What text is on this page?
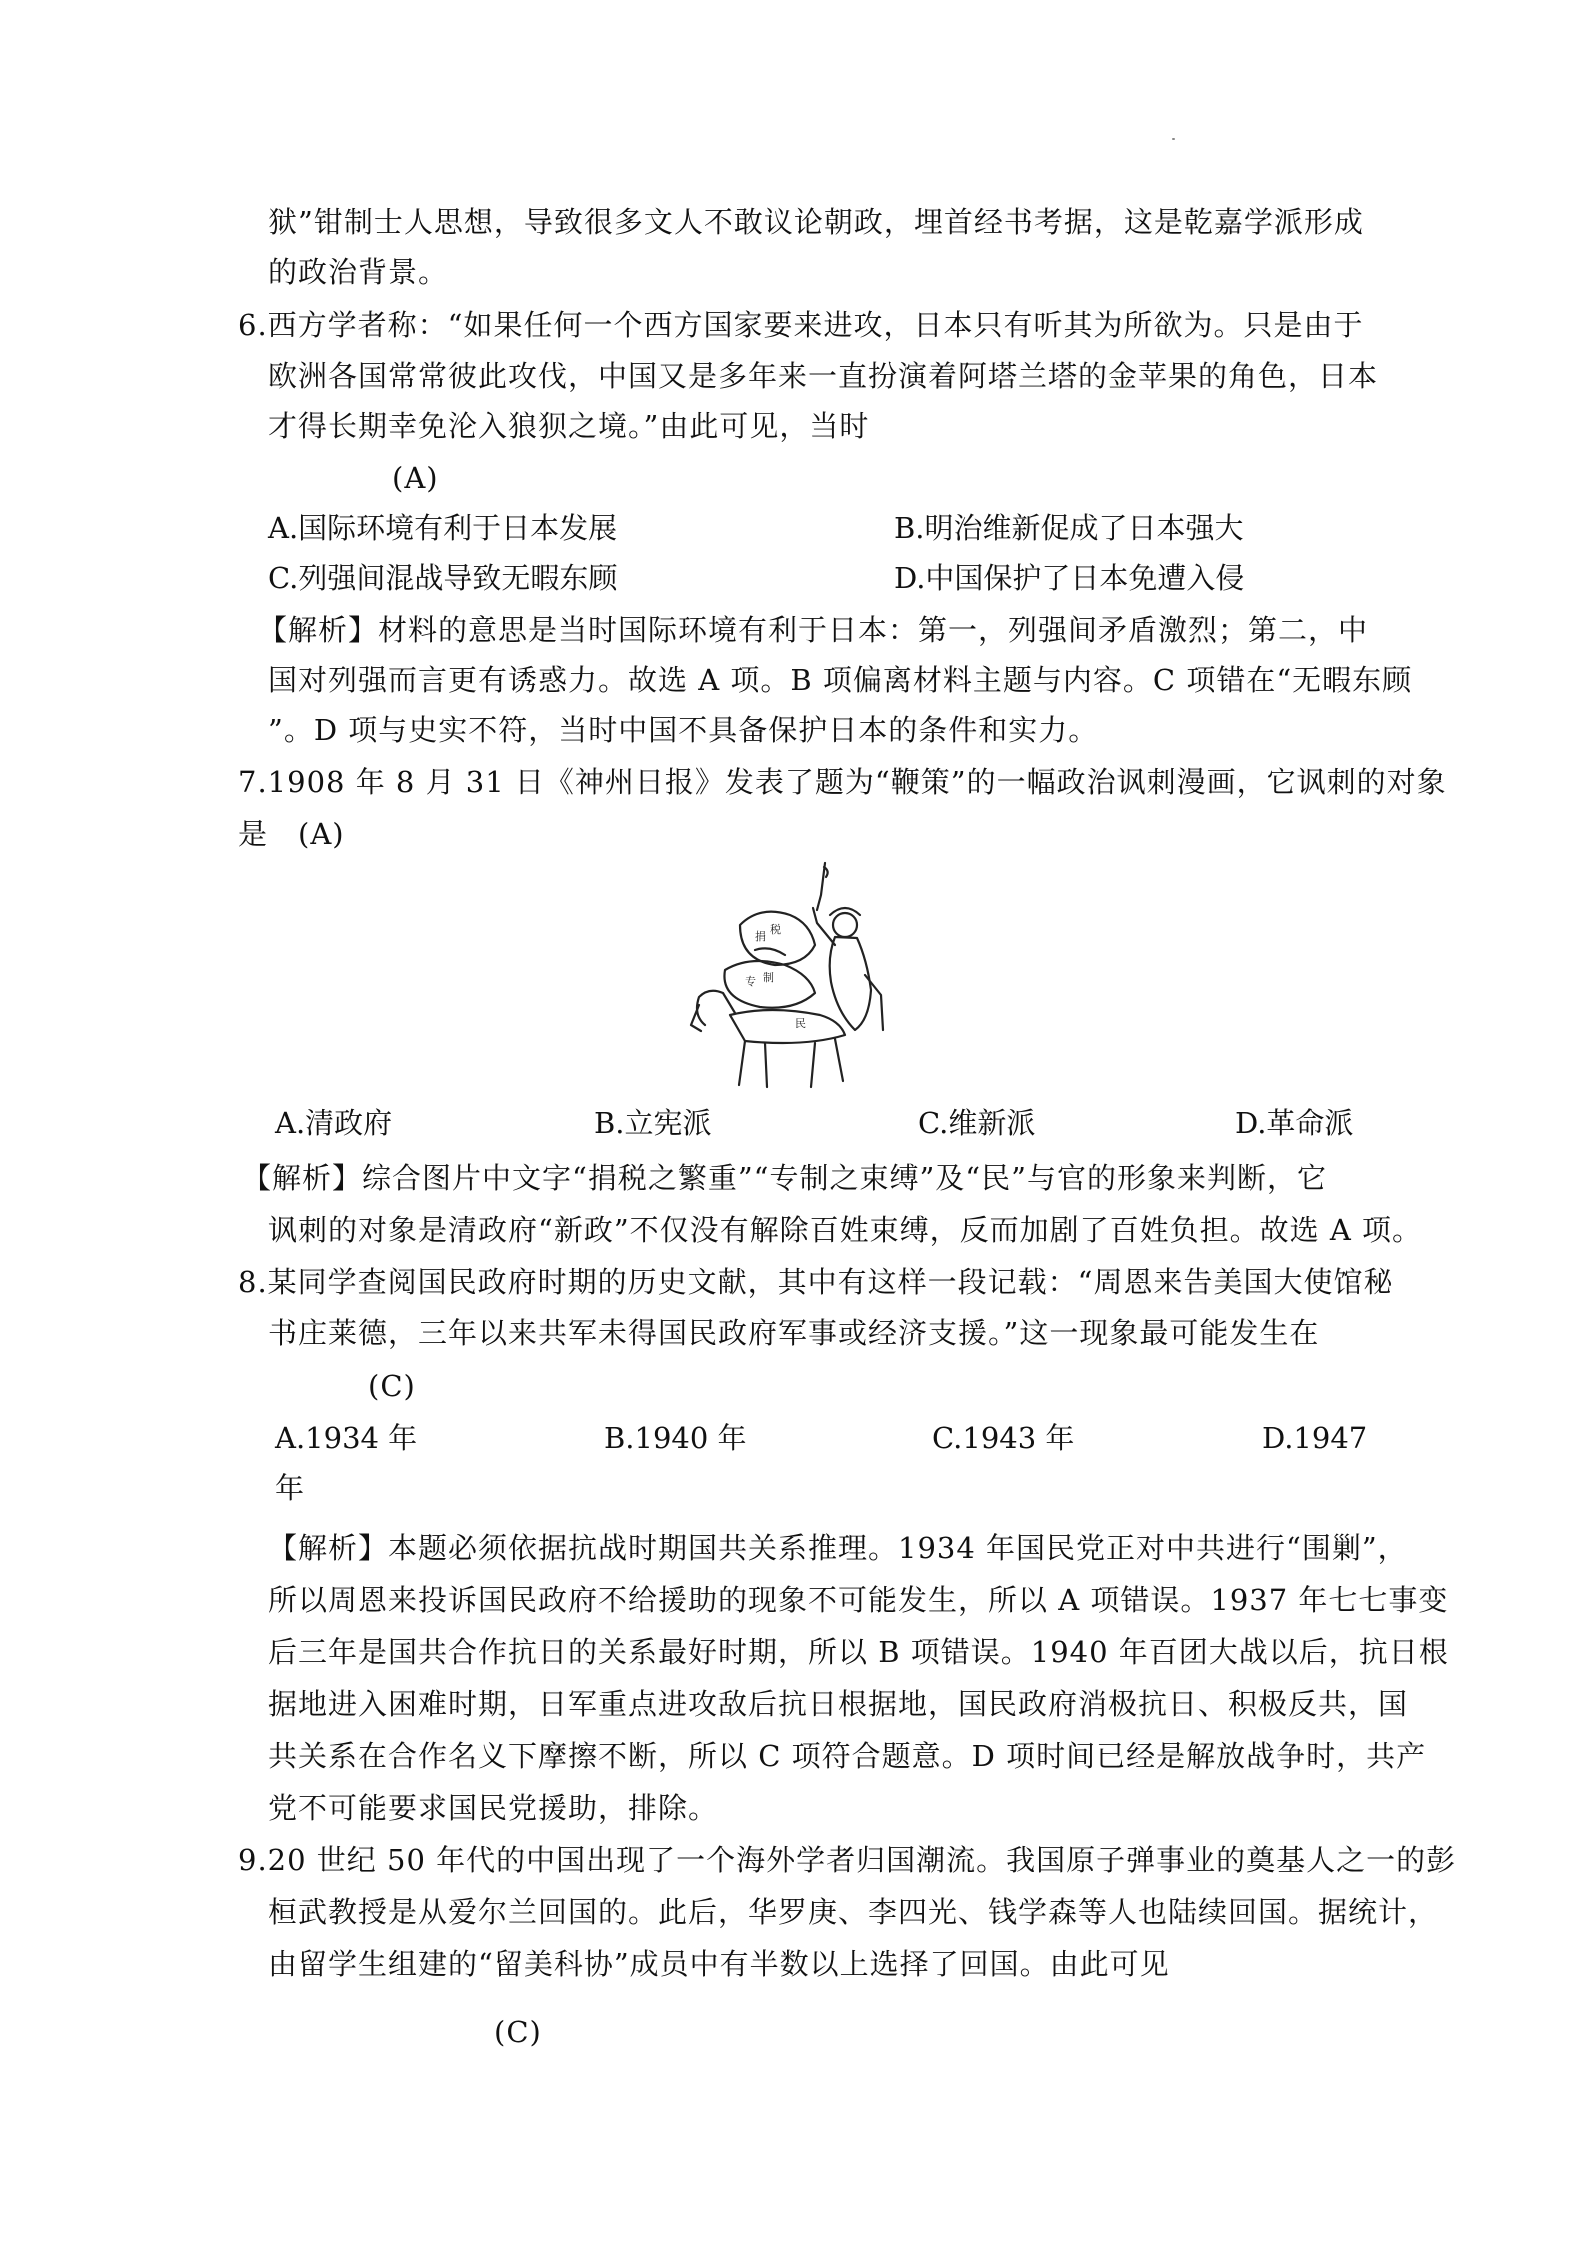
狱”钳制士人思想，导致很多文人不敢议论朝政，埋首经书考据，这是乾嘉学派形成
的政治背景。
6.西方学者称：“如果任何一个西方国家要来进攻，日本只有听其为所欲为。只是由于
欧洲各国常常彼此攻伐，中国又是多年来一直扮演着阿塔兰塔的金苹果的角色，日本
才得长期幸免沦入狼狈之境。”由此可见，当时
(A)
A.国际环境有利于日本发展	B.明治维新促成了日本强大
C.列强间混战导致无暇东顾	D.中国保护了日本免遭入侵
【解析】材料的意思是当时国际环境有利于日本：第一，列强间矛盾激烈；第二，中
国对列强而言更有诱惑力。故选 A 项。B 项偏离材料主题与内容。C 项错在“无暇东顾
”。D 项与史实不符，当时中国不具备保护日本的条件和实力。
7.1908 年 8 月 31 日《神州日报》发表了题为“鞭策”的一幅政治讽刺漫画，它讽刺的对象
是　(A)
捐
税
专 制
民
A.清政府	B.立宪派	C.维新派	D.革命派
【解析】综合图片中文字“捐税之繁重”“专制之束缚”及“民”与官的形象来判断，它
讽刺的对象是清政府“新政”不仅没有解除百姓束缚，反而加剧了百姓负担。故选 A 项。
8.某同学查阅国民政府时期的历史文献，其中有这样一段记载：“周恩来告美国大使馆秘
书庄莱德，三年以来共军未得国民政府军事或经济支援。”这一现象最可能发生在
(C)
A.1934 年	B.1940 年	C.1943 年	D.1947
年
【解析】本题必须依据抗战时期国共关系推理。1934 年国民党正对中共进行“围剿”，
所以周恩来投诉国民政府不给援助的现象不可能发生，所以 A 项错误。1937 年七七事变
后三年是国共合作抗日的关系最好时期，所以 B 项错误。1940 年百团大战以后，抗日根
据地进入困难时期，日军重点进攻敌后抗日根据地，国民政府消极抗日、积极反共，国
共关系在合作名义下摩擦不断，所以 C 项符合题意。D 项时间已经是解放战争时，共产
党不可能要求国民党援助，排除。
9.20 世纪 50 年代的中国出现了一个海外学者归国潮流。我国原子弹事业的奠基人之一的彭
桓武教授是从爱尔兰回国的。此后，华罗庚、李四光、钱学森等人也陆续回国。据统计，
由留学生组建的“留美科协”成员中有半数以上选择了回国。由此可见
(C)
